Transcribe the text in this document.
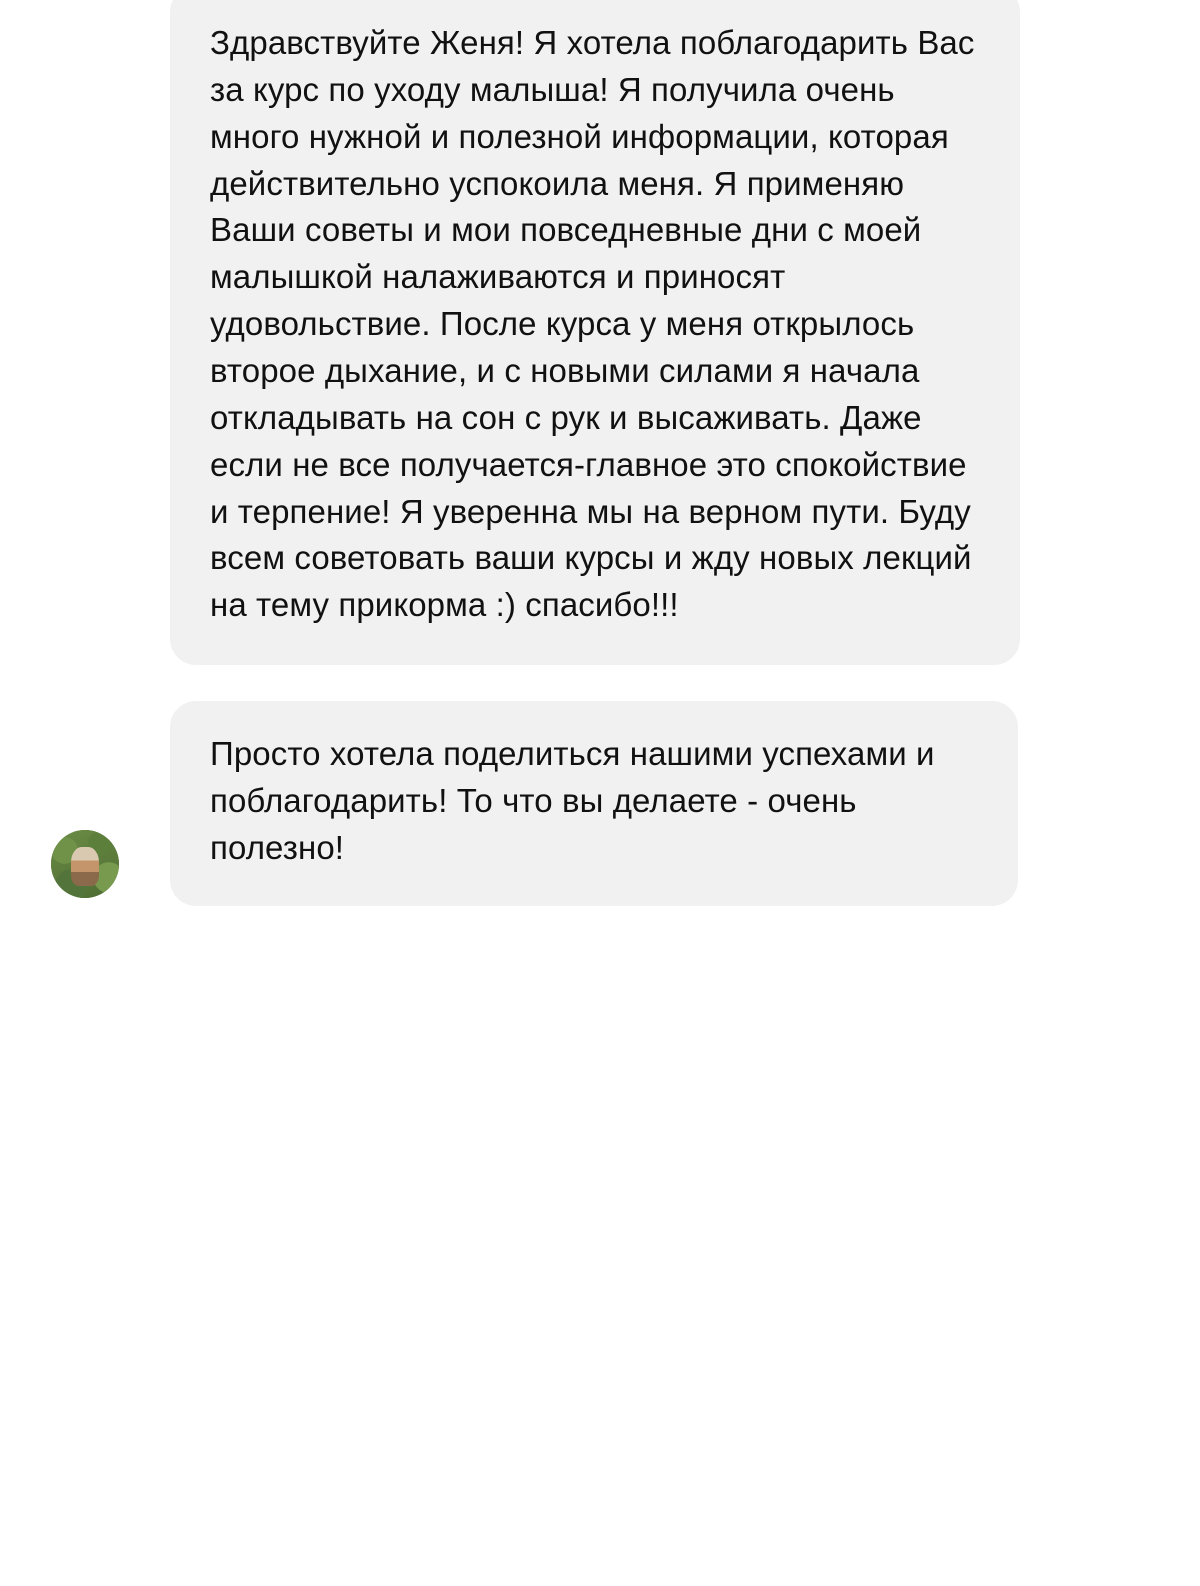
Здравствуйте Женя! Я хотела поблагодарить Вас за курс по уходу малыша! Я получила очень много нужной и полезной информации, которая действительно успокоила меня. Я применяю Ваши советы и мои повседневные дни с моей малышкой налаживаются и приносят удовольствие. После курса у меня открылось второе дыхание, и с новыми силами я начала откладывать на сон с рук и высаживать. Даже если не все получается-главное это спокойствие и терпение! Я уверенна мы на верном пути. Буду всем советовать ваши курсы и жду новых лекций на тему прикорма :) спасибо!!!

Просто хотела поделиться нашими успехами и поблагодарить! То что вы делаете - очень полезно!
